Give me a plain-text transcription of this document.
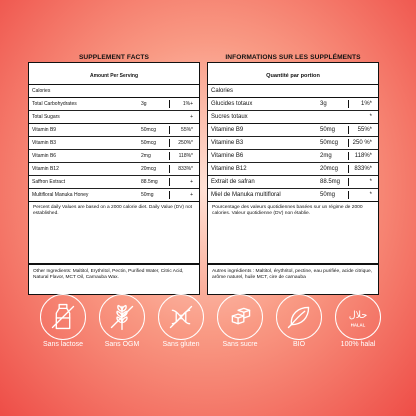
SUPPLEMENT FACTS
Amount Per Serving
Calories
Total Carbohydrates	3g	1%+
Total Sugars	+
Vitamin B9	50mcg	55%*
Vitamin B3	50mcg	250%*
Vitamin B6	2mg	118%*
Vitamin B12	20mcg	833%*
Saffron Extract	88.5mg	+
Multifloral Manuka Honey	50mg	+
Percent daily Values are based on a 2000 calorie diet. Daily Value (DV) not established.
Other Ingredients: Maltitol, Erythritol, Pectin, Purified Water, Citric Acid, Natural Flavor, MCT Oil, Carnauba Wax.
INFORMATIONS SUR LES SUPPLÉMENTS
Quantité par portion
Calories
Glucides totaux	3g	1%*
Sucres totaux	*
Vitamine B9	50mg	55%*
Vitamine B3	50mcg 250 %*
Vitamine B6	2mg	118%*
Vitamine B12	20mcg	833%*
Extrait de safran	88.5mg	*
Miel de Manuka multifloral	50mg	*
Pourcentage des valeurs quotidiennes basées sur un régime de 2000 calories. Valeur quotidienne (DV) non établie.
Autres ingrédients : Maltitol, érythritol, pectine, eau purifiée, acide citrique, arôme naturel, huile MCT, cire de carnauba
Sans lactose	Sans OGM	Sans gluten	Sans sucre	BIO
حلال
HALAL
100% halal
